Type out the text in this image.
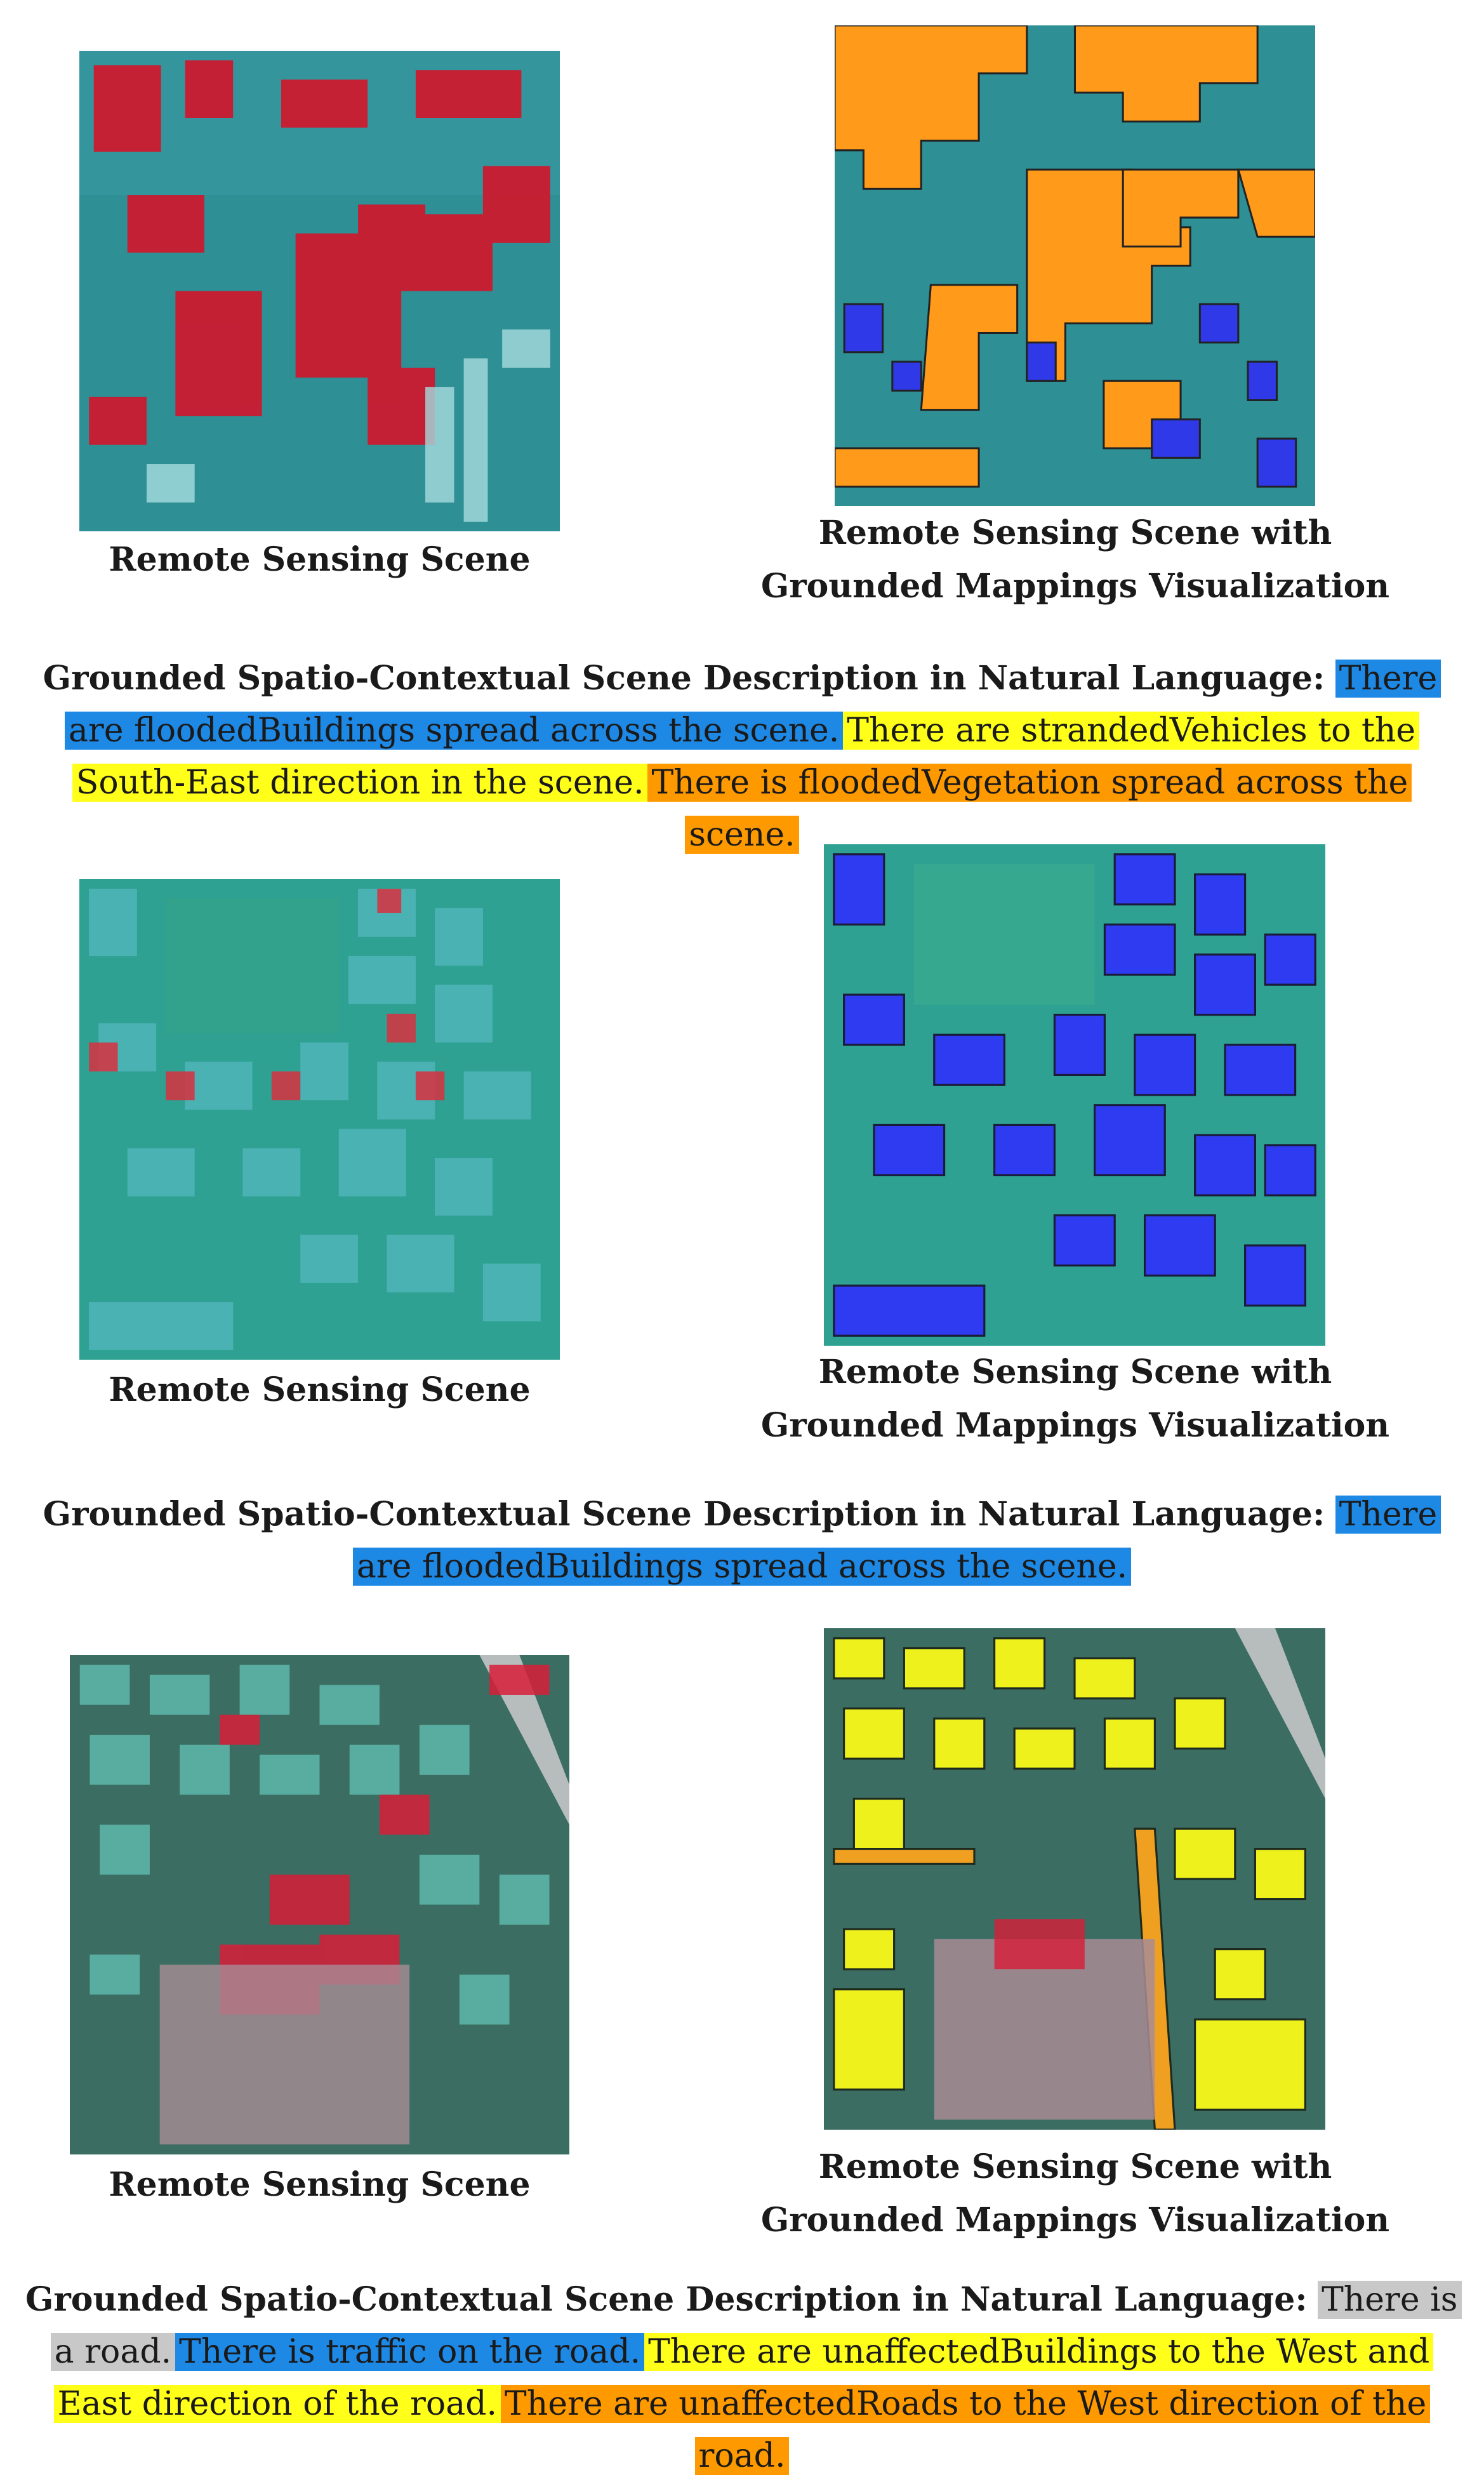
Remote Sensing Scene
Remote Sensing Scene with Grounded Mappings Visualization
Grounded Spatio-Contextual Scene Description in Natural Language: There are floodedBuildings spread across the scene. There are strandedVehicles to the South-East direction in the scene. There is floodedVegetation spread across the scene.
Remote Sensing Scene	Remote Sensing Scene with Grounded Mappings Visualization
Grounded Spatio-Contextual Scene Description in Natural Language: There are floodedBuildings spread across the scene.
Remote Sensing Scene	Remote Sensing Scene with Grounded Mappings Visualization
Grounded Spatio-Contextual Scene Description in Natural Language: There is a road. There is traffic on the road. There are unaffectedBuildings to the West and East direction of the road. There are unaffectedRoads to the West direction of the road.
